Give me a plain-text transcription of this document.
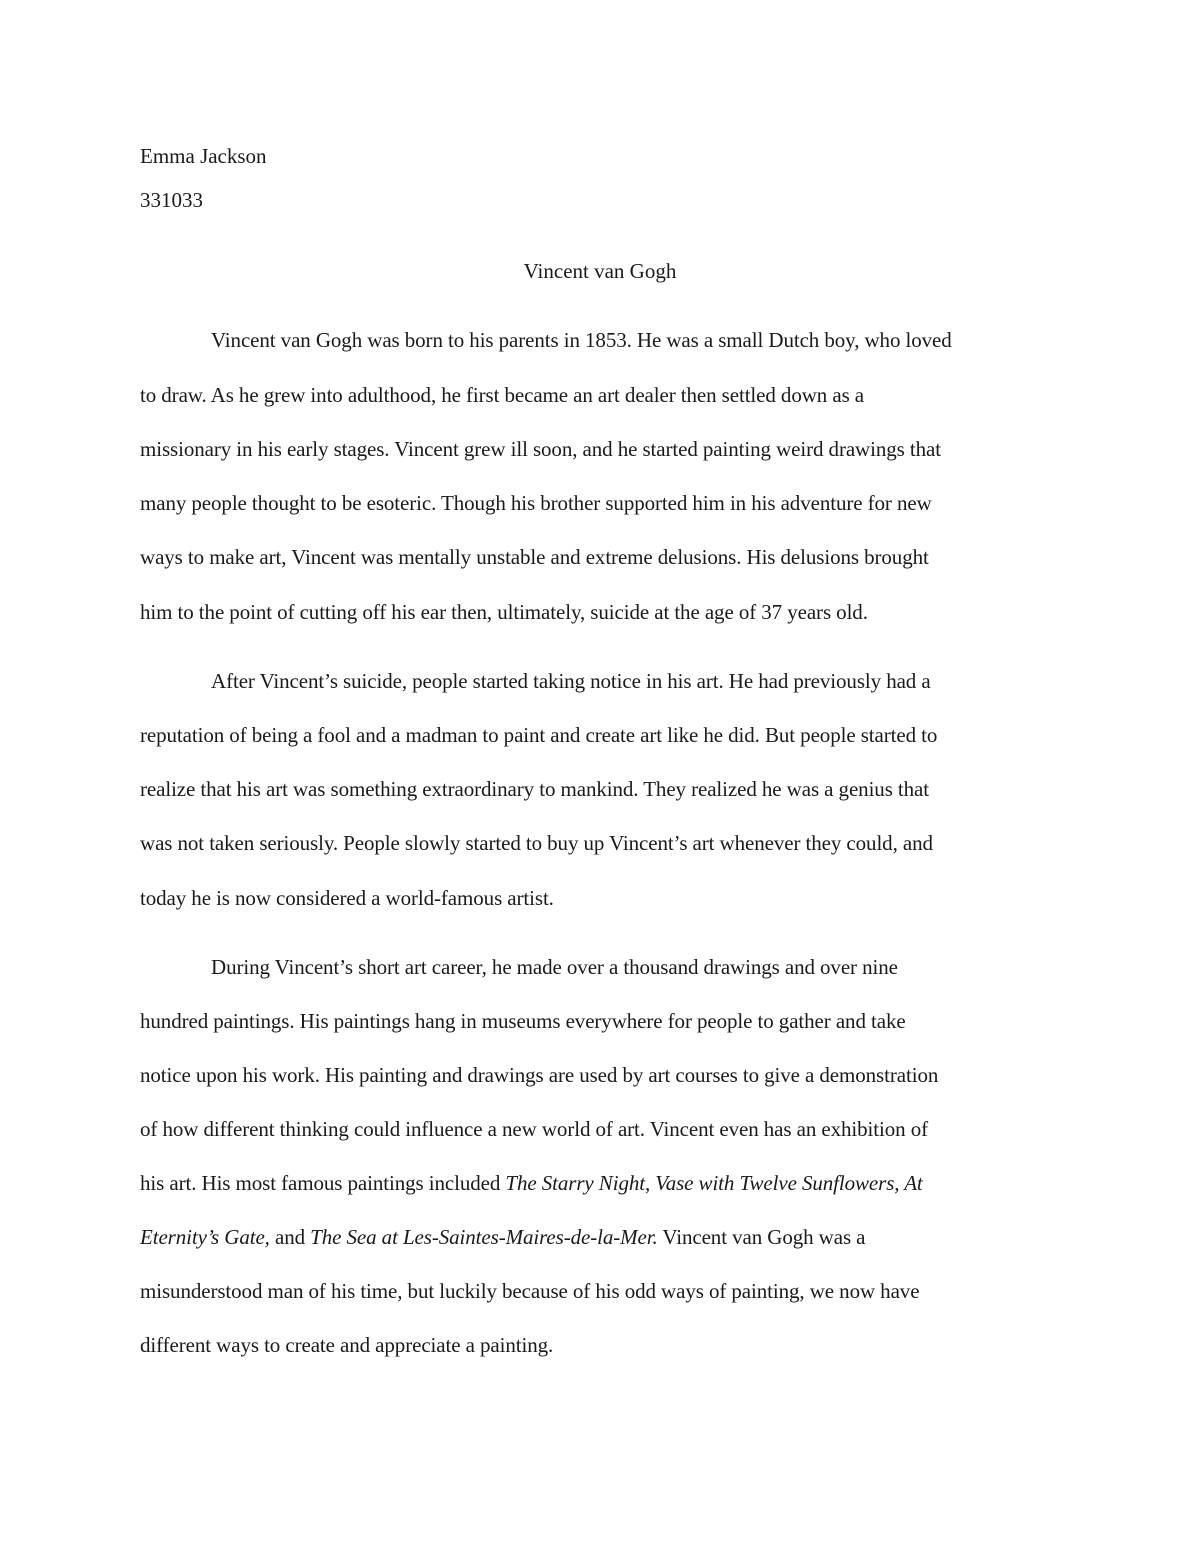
Emma Jackson
331033
Vincent van Gogh
Vincent van Gogh was born to his parents in 1853. He was a small Dutch boy, who loved
to draw. As he grew into adulthood, he first became an art dealer then settled down as a
missionary in his early stages. Vincent grew ill soon, and he started painting weird drawings that
many people thought to be esoteric. Though his brother supported him in his adventure for new
ways to make art, Vincent was mentally unstable and extreme delusions. His delusions brought
him to the point of cutting off his ear then, ultimately, suicide at the age of 37 years old.
After Vincent’s suicide, people started taking notice in his art. He had previously had a
reputation of being a fool and a madman to paint and create art like he did. But people started to
realize that his art was something extraordinary to mankind. They realized he was a genius that
was not taken seriously. People slowly started to buy up Vincent’s art whenever they could, and
today he is now considered a world-famous artist.
During Vincent’s short art career, he made over a thousand drawings and over nine
hundred paintings. His paintings hang in museums everywhere for people to gather and take
notice upon his work. His painting and drawings are used by art courses to give a demonstration
of how different thinking could influence a new world of art. Vincent even has an exhibition of
his art. His most famous paintings included The Starry Night, Vase with Twelve Sunflowers, At
Eternity’s Gate, and The Sea at Les-Saintes-Maires-de-la-Mer. Vincent van Gogh was a
misunderstood man of his time, but luckily because of his odd ways of painting, we now have
different ways to create and appreciate a painting.
